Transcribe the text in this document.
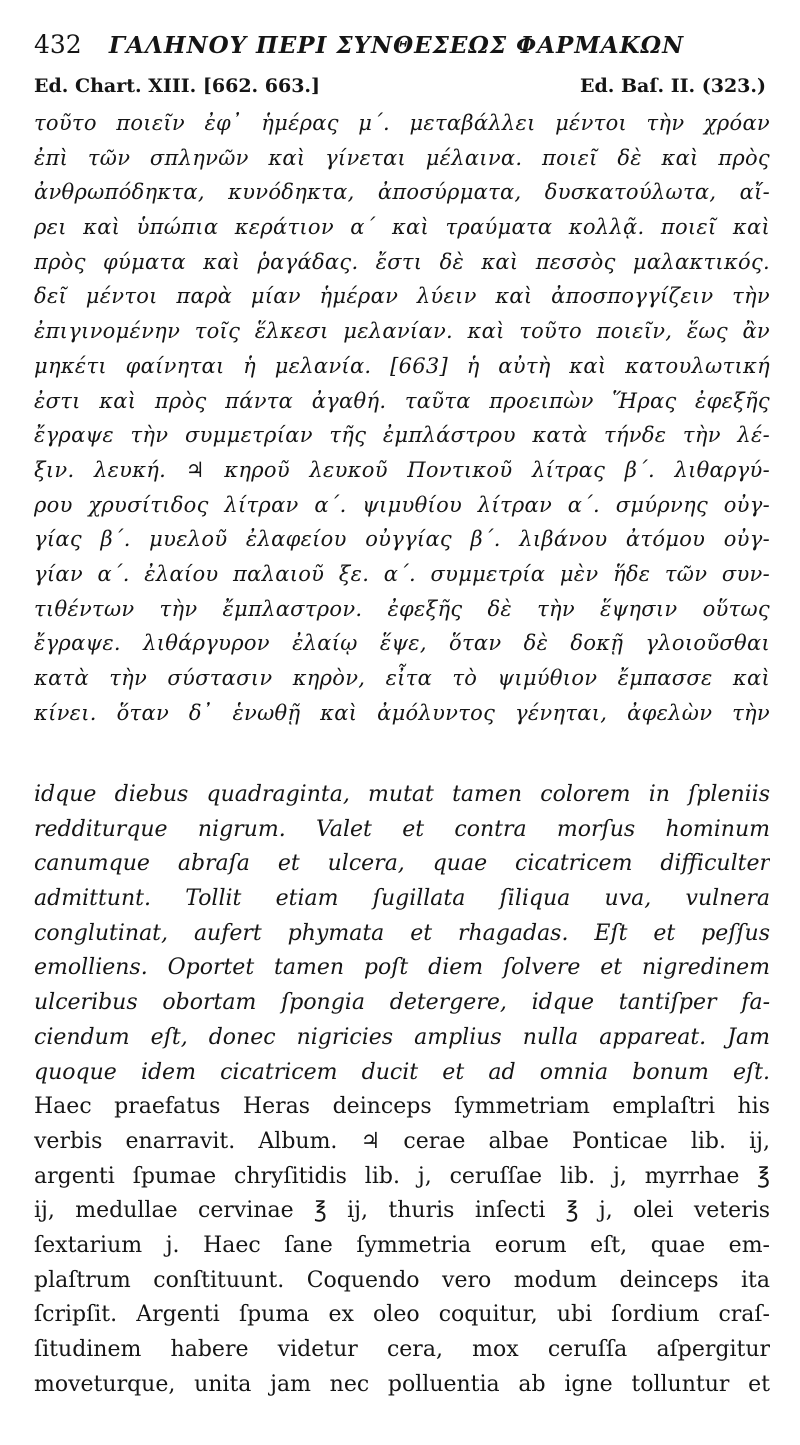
432 ΓΑΛΗΝΟΥ ΠΕΡΙ ΣΥΝΘΕΣΕΩΣ ΦΑΡΜΑΚΩΝ
Ed. Chart. XIII. [662. 663.]	Ed. Baſ. II. (323.)
τοῦτο ποιεῖν ἐφ᾿ ἡμέρας μ΄. μεταβάλλει μέντοι τὴν χρόαν
ἐπὶ τῶν σπληνῶν καὶ γίνεται μέλαινα. ποιεῖ δὲ καὶ πρὸς
ἀνθρωπόδηκτα, κυνόδηκτα, ἀποσύρματα, δυσκατούλωτα, αἴ-
ρει καὶ ὑπώπια κεράτιον α΄ καὶ τραύματα κολλᾷ. ποιεῖ καὶ
πρὸς φύματα καὶ ῥαγάδας. ἔστι δὲ καὶ πεσσὸς μαλακτικός.
δεῖ μέντοι παρὰ μίαν ἡμέραν λύειν καὶ ἀποσπογγίζειν τὴν
ἐπιγινομένην τοῖς ἕλκεσι μελανίαν. καὶ τοῦτο ποιεῖν, ἕως ἂν
μηκέτι φαίνηται ἡ μελανία. [663] ἡ αὐτὴ καὶ κατουλωτική
ἐστι καὶ πρὸς πάντα ἀγαθή. ταῦτα προειπὼν Ἥρας ἐφεξῆς
ἔγραψε τὴν συμμετρίαν τῆς ἐμπλάστρου κατὰ τήνδε τὴν λέ-
ξιν. λευκή. ♃ κηροῦ λευκοῦ Ποντικοῦ λίτρας β΄. λιθαργύ-
ρου χρυσίτιδος λίτραν α΄. ψιμυθίου λίτραν α΄. σμύρνης οὐγ-
γίας β΄. μυελοῦ ἐλαφείου οὐγγίας β΄. λιβάνου ἀτόμου οὐγ-
γίαν α΄. ἐλαίου παλαιοῦ ξε. α΄. συμμετρία μὲν ἥδε τῶν συν-
τιθέντων τὴν ἔμπλαστρον. ἐφεξῆς δὲ τὴν ἕψησιν οὕτως
ἔγραψε. λιθάργυρον ἐλαίῳ ἕψε, ὅταν δὲ δοκῇ γλοιοῦσθαι
κατὰ τὴν σύστασιν κηρὸν, εἶτα τὸ ψιμύθιον ἔμπασσε καὶ
κίνει. ὅταν δ᾿ ἑνωθῇ καὶ ἀμόλυντος γένηται, ἀφελὼν τὴν
idque diebus quadraginta, mutat tamen colorem in ſpleniis
redditurque nigrum. Valet et contra morſus hominum
canumque abraſa et ulcera, quae cicatricem difficulter
admittunt. Tollit etiam ſugillata ſiliqua uva, vulnera
conglutinat, aufert phymata et rhagadas. Eſt et peſſus
emolliens. Oportet tamen poſt diem ſolvere et nigredinem
ulceribus obortam ſpongia detergere, idque tantiſper fa-
ciendum eſt, donec nigricies amplius nulla appareat. Jam
quoque idem cicatricem ducit et ad omnia bonum eſt.
Haec praefatus Heras deinceps ſymmetriam emplaſtri his
verbis enarravit. Album. ♃ cerae albae Ponticae lib. ij,
argenti ſpumae chryſitidis lib. j, ceruſſae lib. j, myrrhae ℥
ij, medullae cervinae ℥ ij, thuris inſecti ℥ j, olei veteris
ſextarium j. Haec ſane ſymmetria eorum eſt, quae em-
plaſtrum conſtituunt. Coquendo vero modum deinceps ita
ſcripſit. Argenti ſpuma ex oleo coquitur, ubi ſordium craſ-
ſitudinem habere videtur cera, mox ceruſſa aſpergitur
moveturque, unita jam nec polluentia ab igne tolluntur et
